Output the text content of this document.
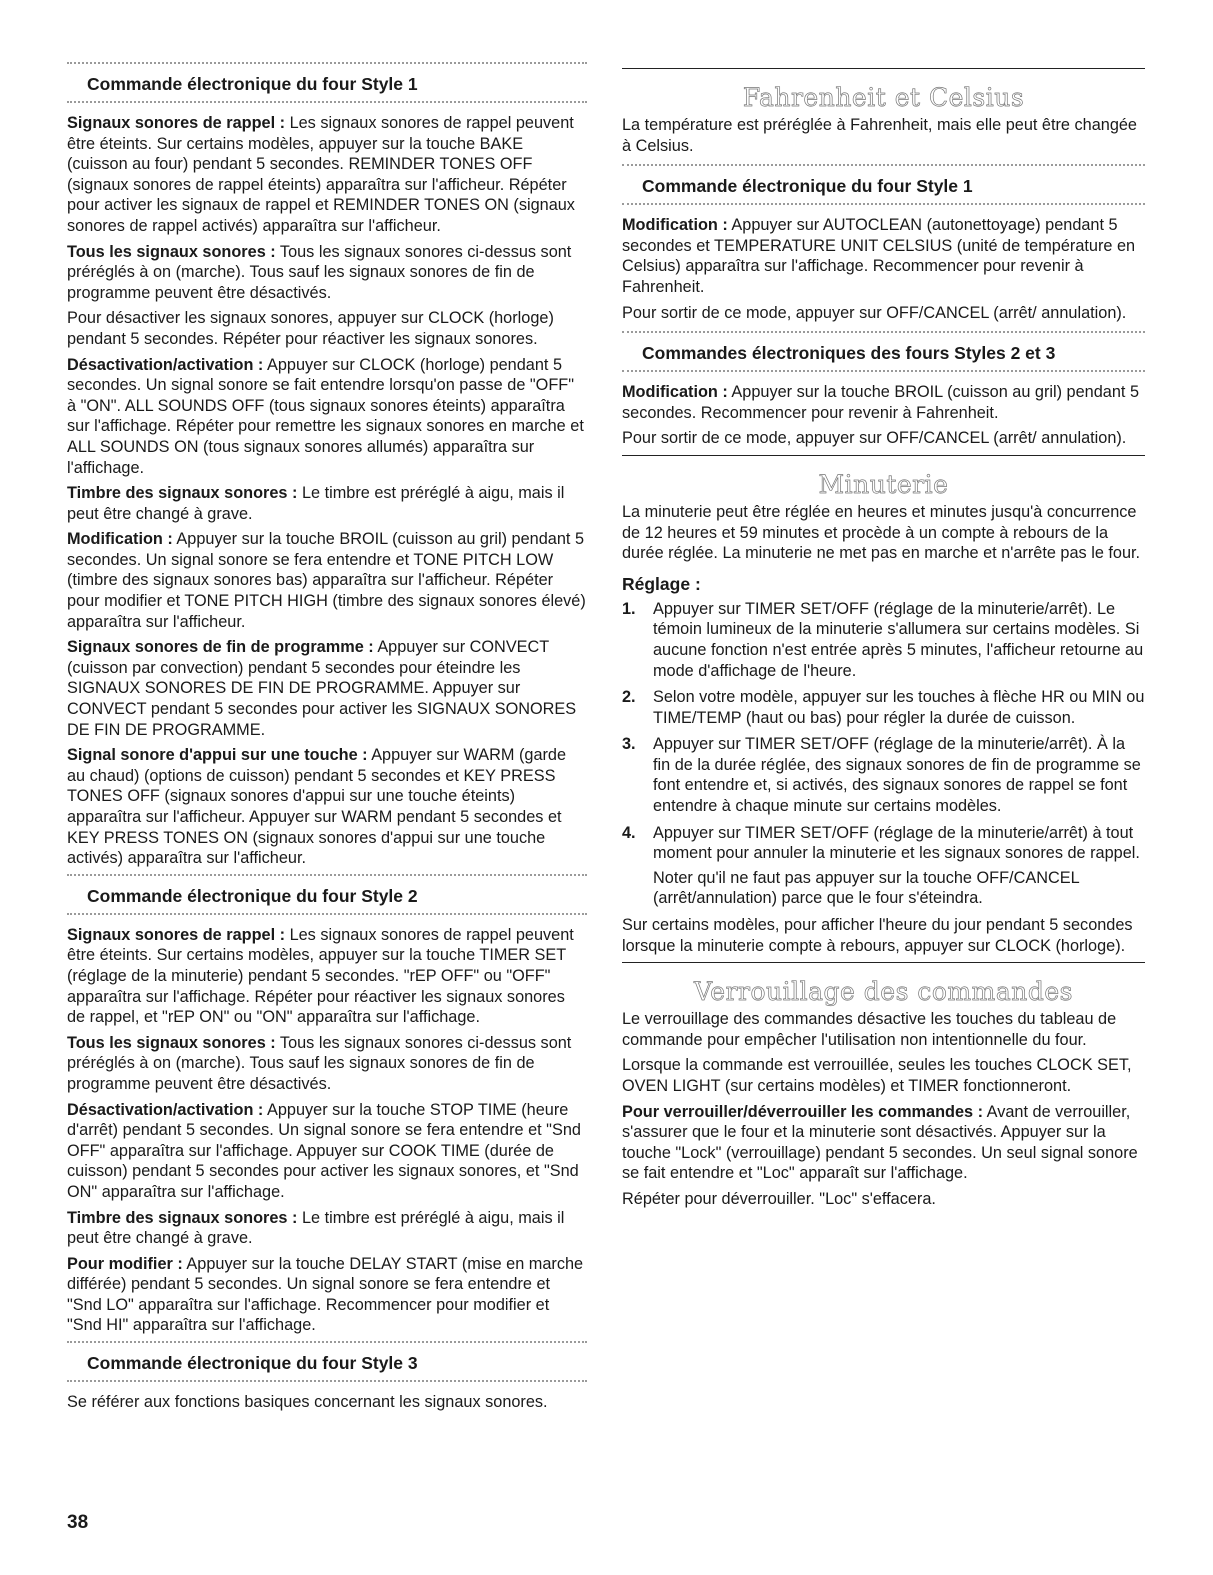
Commande électronique du four Style 1

Signaux sonores de rappel : Les signaux sonores de rappel peuvent être éteints. Sur certains modèles, appuyer sur la touche BAKE (cuisson au four) pendant 5 secondes. REMINDER TONES OFF (signaux sonores de rappel éteints) apparaîtra sur l'afficheur. Répéter pour activer les signaux de rappel et REMINDER TONES ON (signaux sonores de rappel activés) apparaîtra sur l'afficheur.

Tous les signaux sonores : Tous les signaux sonores ci-dessus sont préréglés à on (marche). Tous sauf les signaux sonores de fin de programme peuvent être désactivés.

Pour désactiver les signaux sonores, appuyer sur CLOCK (horloge) pendant 5 secondes. Répéter pour réactiver les signaux sonores.

Désactivation/activation : Appuyer sur CLOCK (horloge) pendant 5 secondes. Un signal sonore se fait entendre lorsqu'on passe de "OFF" à "ON". ALL SOUNDS OFF (tous signaux sonores éteints) apparaîtra sur l'affichage. Répéter pour remettre les signaux sonores en marche et ALL SOUNDS ON (tous signaux sonores allumés) apparaîtra sur l'affichage.

Timbre des signaux sonores : Le timbre est préréglé à aigu, mais il peut être changé à grave.

Modification : Appuyer sur la touche BROIL (cuisson au gril) pendant 5 secondes. Un signal sonore se fera entendre et TONE PITCH LOW (timbre des signaux sonores bas) apparaîtra sur l'afficheur. Répéter pour modifier et TONE PITCH HIGH (timbre des signaux sonores élevé) apparaîtra sur l'afficheur.

Signaux sonores de fin de programme : Appuyer sur CONVECT (cuisson par convection) pendant 5 secondes pour éteindre les SIGNAUX SONORES DE FIN DE PROGRAMME. Appuyer sur CONVECT pendant 5 secondes pour activer les SIGNAUX SONORES DE FIN DE PROGRAMME.

Signal sonore d'appui sur une touche : Appuyer sur WARM (garde au chaud) (options de cuisson) pendant 5 secondes et KEY PRESS TONES OFF (signaux sonores d'appui sur une touche éteints) apparaîtra sur l'afficheur. Appuyer sur WARM pendant 5 secondes et KEY PRESS TONES ON (signaux sonores d'appui sur une touche activés) apparaîtra sur l'afficheur.

Commande électronique du four Style 2

Signaux sonores de rappel : Les signaux sonores de rappel peuvent être éteints. Sur certains modèles, appuyer sur la touche TIMER SET (réglage de la minuterie) pendant 5 secondes. "rEP OFF" ou "OFF" apparaîtra sur l'affichage. Répéter pour réactiver les signaux sonores de rappel, et "rEP ON" ou "ON" apparaîtra sur l'affichage.

Tous les signaux sonores : Tous les signaux sonores ci-dessus sont préréglés à on (marche). Tous sauf les signaux sonores de fin de programme peuvent être désactivés.

Désactivation/activation : Appuyer sur la touche STOP TIME (heure d'arrêt) pendant 5 secondes. Un signal sonore se fera entendre et "Snd OFF" apparaîtra sur l'affichage. Appuyer sur COOK TIME (durée de cuisson) pendant 5 secondes pour activer les signaux sonores, et "Snd ON" apparaîtra sur l'affichage.

Timbre des signaux sonores : Le timbre est préréglé à aigu, mais il peut être changé à grave.

Pour modifier : Appuyer sur la touche DELAY START (mise en marche différée) pendant 5 secondes. Un signal sonore se fera entendre et "Snd LO" apparaîtra sur l'affichage. Recommencer pour modifier et "Snd HI" apparaîtra sur l'affichage.

Commande électronique du four Style 3

Se référer aux fonctions basiques concernant les signaux sonores.

Fahrenheit et Celsius

La température est préréglée à Fahrenheit, mais elle peut être changée à Celsius.

Commande électronique du four Style 1

Modification : Appuyer sur AUTOCLEAN (autonettoyage) pendant 5 secondes et TEMPERATURE UNIT CELSIUS (unité de température en Celsius) apparaîtra sur l'affichage. Recommencer pour revenir à Fahrenheit.

Pour sortir de ce mode, appuyer sur OFF/CANCEL (arrêt/ annulation).

Commandes électroniques des fours Styles 2 et 3

Modification : Appuyer sur la touche BROIL (cuisson au gril) pendant 5 secondes. Recommencer pour revenir à Fahrenheit.

Pour sortir de ce mode, appuyer sur OFF/CANCEL (arrêt/ annulation).

Minuterie

La minuterie peut être réglée en heures et minutes jusqu'à concurrence de 12 heures et 59 minutes et procède à un compte à rebours de la durée réglée. La minuterie ne met pas en marche et n'arrête pas le four.

Réglage :
1. Appuyer sur TIMER SET/OFF (réglage de la minuterie/arrêt). Le témoin lumineux de la minuterie s'allumera sur certains modèles. Si aucune fonction n'est entrée après 5 minutes, l'afficheur retourne au mode d'affichage de l'heure.
2. Selon votre modèle, appuyer sur les touches à flèche HR ou MIN ou TIME/TEMP (haut ou bas) pour régler la durée de cuisson.
3. Appuyer sur TIMER SET/OFF (réglage de la minuterie/arrêt). À la fin de la durée réglée, des signaux sonores de fin de programme se font entendre et, si activés, des signaux sonores de rappel se font entendre à chaque minute sur certains modèles.
4. Appuyer sur TIMER SET/OFF (réglage de la minuterie/arrêt) à tout moment pour annuler la minuterie et les signaux sonores de rappel.
Noter qu'il ne faut pas appuyer sur la touche OFF/CANCEL (arrêt/annulation) parce que le four s'éteindra.

Sur certains modèles, pour afficher l'heure du jour pendant 5 secondes lorsque la minuterie compte à rebours, appuyer sur CLOCK (horloge).

Verrouillage des commandes

Le verrouillage des commandes désactive les touches du tableau de commande pour empêcher l'utilisation non intentionnelle du four.

Lorsque la commande est verrouillée, seules les touches CLOCK SET, OVEN LIGHT (sur certains modèles) et TIMER fonctionneront.

Pour verrouiller/déverrouiller les commandes : Avant de verrouiller, s'assurer que le four et la minuterie sont désactivés. Appuyer sur la touche "Lock" (verrouillage) pendant 5 secondes. Un seul signal sonore se fait entendre et "Loc" apparaît sur l'affichage.

Répéter pour déverrouiller. "Loc" s'effacera.

38
